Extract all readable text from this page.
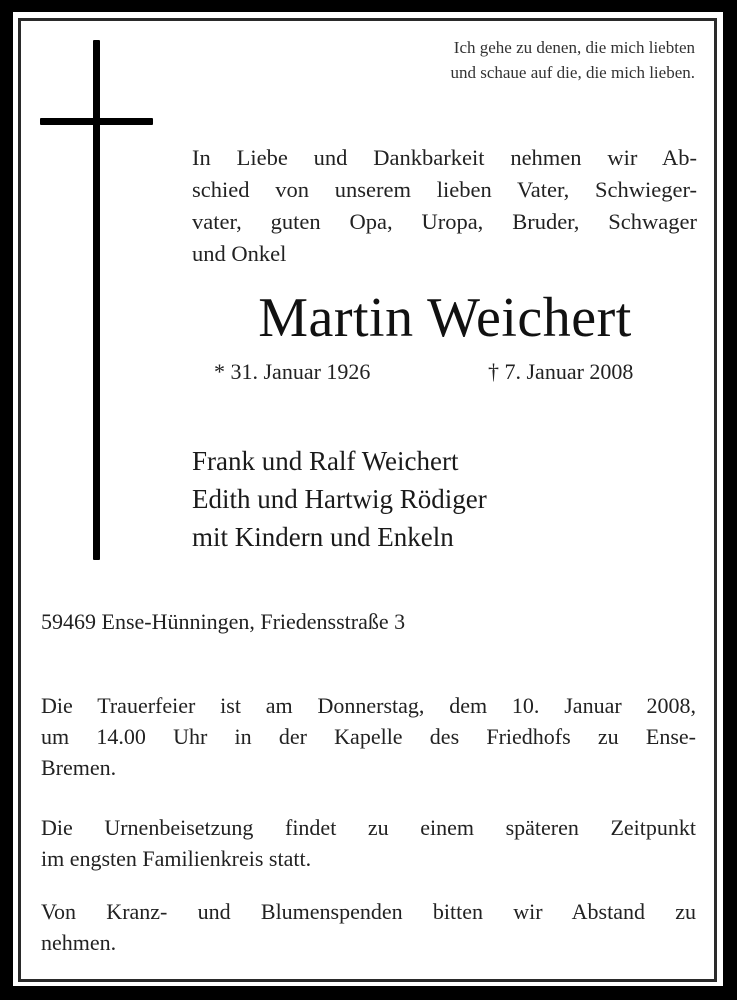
Ich gehe zu denen, die mich liebten
und schaue auf die, die mich lieben.
In Liebe und Dankbarkeit nehmen wir Ab-
schied von unserem lieben Vater, Schwieger-
vater, guten Opa, Uropa, Bruder, Schwager
und Onkel
Martin Weichert
* 31. Januar 1926	† 7. Januar 2008
Frank und Ralf Weichert
Edith und Hartwig Rödiger
mit Kindern und Enkeln
59469 Ense-Hünningen, Friedensstraße 3
Die Trauerfeier ist am Donnerstag, dem 10. Januar 2008,
um 14.00 Uhr in der Kapelle des Friedhofs zu Ense-
Bremen.
Die Urnenbeisetzung findet zu einem späteren Zeitpunkt
im engsten Familienkreis statt.
Von Kranz- und Blumenspenden bitten wir Abstand zu
nehmen.
